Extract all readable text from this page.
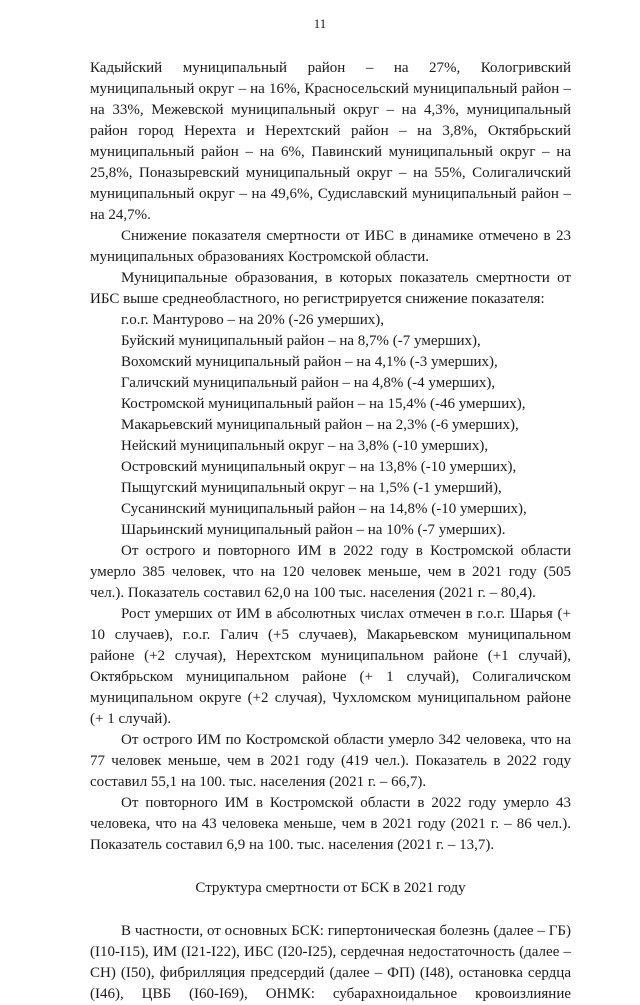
11

Кадыйский муниципальный район – на 27%, Кологривский муниципальный округ – на 16%, Красносельский муниципальный район – на 33%, Межевской муниципальный округ – на 4,3%, муниципальный район город Нерехта и Нерехтский район – на 3,8%, Октябрьский муниципальный район – на 6%, Павинский муниципальный округ – на 25,8%, Поназыревский муниципальный округ – на 55%, Солигаличский муниципальный округ – на 49,6%, Судиславский муниципальный район – на 24,7%.

Снижение показателя смертности от ИБС в динамике отмечено в 23 муниципальных образованиях Костромской области.

Муниципальные образования, в которых показатель смертности от ИБС выше среднеобластного, но регистрируется снижение показателя:

г.о.г. Мантурово – на 20% (-26 умерших),
Буйский муниципальный район – на 8,7% (-7 умерших),
Вохомский муниципальный район – на 4,1% (-3 умерших),
Галичский муниципальный район – на 4,8% (-4 умерших),
Костромской муниципальный район – на 15,4% (-46 умерших),
Макарьевский муниципальный район – на 2,3% (-6 умерших),
Нейский муниципальный округ – на 3,8% (-10 умерших),
Островский муниципальный округ – на 13,8% (-10 умерших),
Пыщугский муниципальный округ – на 1,5% (-1 умерший),
Сусанинский муниципальный район – на 14,8% (-10 умерших),
Шарьинский муниципальный район – на 10% (-7 умерших).

От острого и повторного ИМ в 2022 году в Костромской области умерло 385 человек, что на 120 человек меньше, чем в 2021 году (505 чел.). Показатель составил 62,0 на 100 тыс. населения (2021 г. – 80,4).

Рост умерших от ИМ в абсолютных числах отмечен в г.о.г. Шарья (+ 10 случаев), г.о.г. Галич (+5 случаев), Макарьевском муниципальном районе (+2 случая), Нерехтском муниципальном районе (+1 случай), Октябрьском муниципальном районе (+ 1 случай), Солигаличском муниципальном округе (+2 случая), Чухломском муниципальном районе (+ 1 случай).

От острого ИМ по Костромской области умерло 342 человека, что на 77 человек меньше, чем в 2021 году (419 чел.). Показатель в 2022 году составил 55,1 на 100. тыс. населения (2021 г. – 66,7).

От повторного ИМ в Костромской области в 2022 году умерло 43 человека, что на 43 человека меньше, чем в 2021 году (2021 г. – 86 чел.). Показатель составил 6,9 на 100. тыс. населения (2021 г. – 13,7).

Структура смертности от БСК в 2021 году

В частности, от основных БСК: гипертоническая болезнь (далее – ГБ) (I10-I15), ИМ (I21-I22), ИБС (I20-I25), сердечная недостаточность (далее – СН) (I50), фибрилляция предсердий (далее – ФП) (I48), остановка сердца (I46), ЦВБ (I60-I69), ОНМК: субарахноидальное кровоизлияние
